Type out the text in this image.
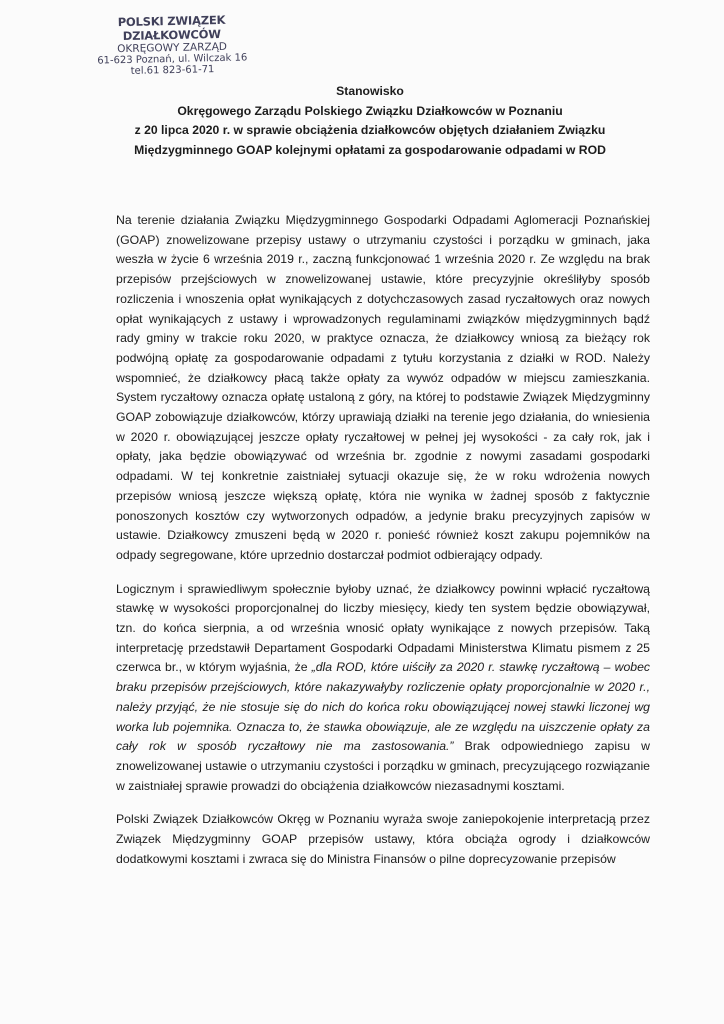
POLSKI ZWIĄZEK DZIAŁKOWCÓW
OKRĘGOWY ZARZĄD
61-623 Poznań, ul. Wilczak 16
tel.61 823-61-71
Stanowisko
Okręgowego Zarządu Polskiego Związku Działkowców w Poznaniu
z 20 lipca 2020 r. w sprawie obciążenia działkowców objętych działaniem Związku
Międzygminnego GOAP kolejnymi opłatami za gospodarowanie odpadami w ROD

Na terenie działania Związku Międzygminnego Gospodarki Odpadami Aglomeracji Poznańskiej (GOAP) znowelizowane przepisy ustawy o utrzymaniu czystości i porządku w gminach, jaka weszła w życie 6 września 2019 r., zaczną funkcjonować 1 września 2020 r. Ze względu na brak przepisów przejściowych w znowelizowanej ustawie, które precyzyjnie określiłyby sposób rozliczenia i wnoszenia opłat wynikających z dotychczasowych zasad ryczałtowych oraz nowych opłat wynikających z ustawy i wprowadzonych regulaminami związków międzygminnych bądź rady gminy w trakcie roku 2020, w praktyce oznacza, że działkowcy wniosą za bieżący rok podwójną opłatę za gospodarowanie odpadami z tytułu korzystania z działki w ROD. Należy wspomnieć, że działkowcy płacą także opłaty za wywóz odpadów w miejscu zamieszkania. System ryczałtowy oznacza opłatę ustaloną z góry, na której to podstawie Związek Międzygminny GOAP zobowiązuje działkowców, którzy uprawiają działki na terenie jego działania, do wniesienia w 2020 r. obowiązującej jeszcze opłaty ryczałtowej w pełnej jej wysokości - za cały rok, jak i opłaty, jaka będzie obowiązywać od września br. zgodnie z nowymi zasadami gospodarki odpadami. W tej konkretnie zaistniałej sytuacji okazuje się, że w roku wdrożenia nowych przepisów wniosą jeszcze większą opłatę, która nie wynika w żadnej sposób z faktycznie ponoszonych kosztów czy wytworzonych odpadów, a jedynie braku precyzyjnych zapisów w ustawie. Działkowcy zmuszeni będą w 2020 r. ponieść również koszt zakupu pojemników na odpady segregowane, które uprzednio dostarczał podmiot odbierający odpady.

Logicznym i sprawiedliwym społecznie byłoby uznać, że działkowcy powinni wpłacić ryczałtową stawkę w wysokości proporcjonalnej do liczby miesięcy, kiedy ten system będzie obowiązywał, tzn. do końca sierpnia, a od września wnosić opłaty wynikające z nowych przepisów. Taką interpretację przedstawił Departament Gospodarki Odpadami Ministerstwa Klimatu pismem z 25 czerwca br., w którym wyjaśnia, że „dla ROD, które uiściły za 2020 r. stawkę ryczałtową – wobec braku przepisów przejściowych, które nakazywałyby rozliczenie opłaty proporcjonalnie w 2020 r., należy przyjąć, że nie stosuje się do nich do końca roku obowiązującej nowej stawki liczonej wg worka lub pojemnika. Oznacza to, że stawka obowiązuje, ale ze względu na uiszczenie opłaty za cały rok w sposób ryczałtowy nie ma zastosowania.” Brak odpowiedniego zapisu w znowelizowanej ustawie o utrzymaniu czystości i porządku w gminach, precyzującego rozwiązanie w zaistniałej sprawie prowadzi do obciążenia działkowców niezasadnymi kosztami.

Polski Związek Działkowców Okręg w Poznaniu wyraża swoje zaniepokojenie interpretacją przez Związek Międzygminny GOAP przepisów ustawy, która obciąża ogrody i działkowców dodatkowymi kosztami i zwraca się do Ministra Finansów o pilne doprecyzowanie przepisów
